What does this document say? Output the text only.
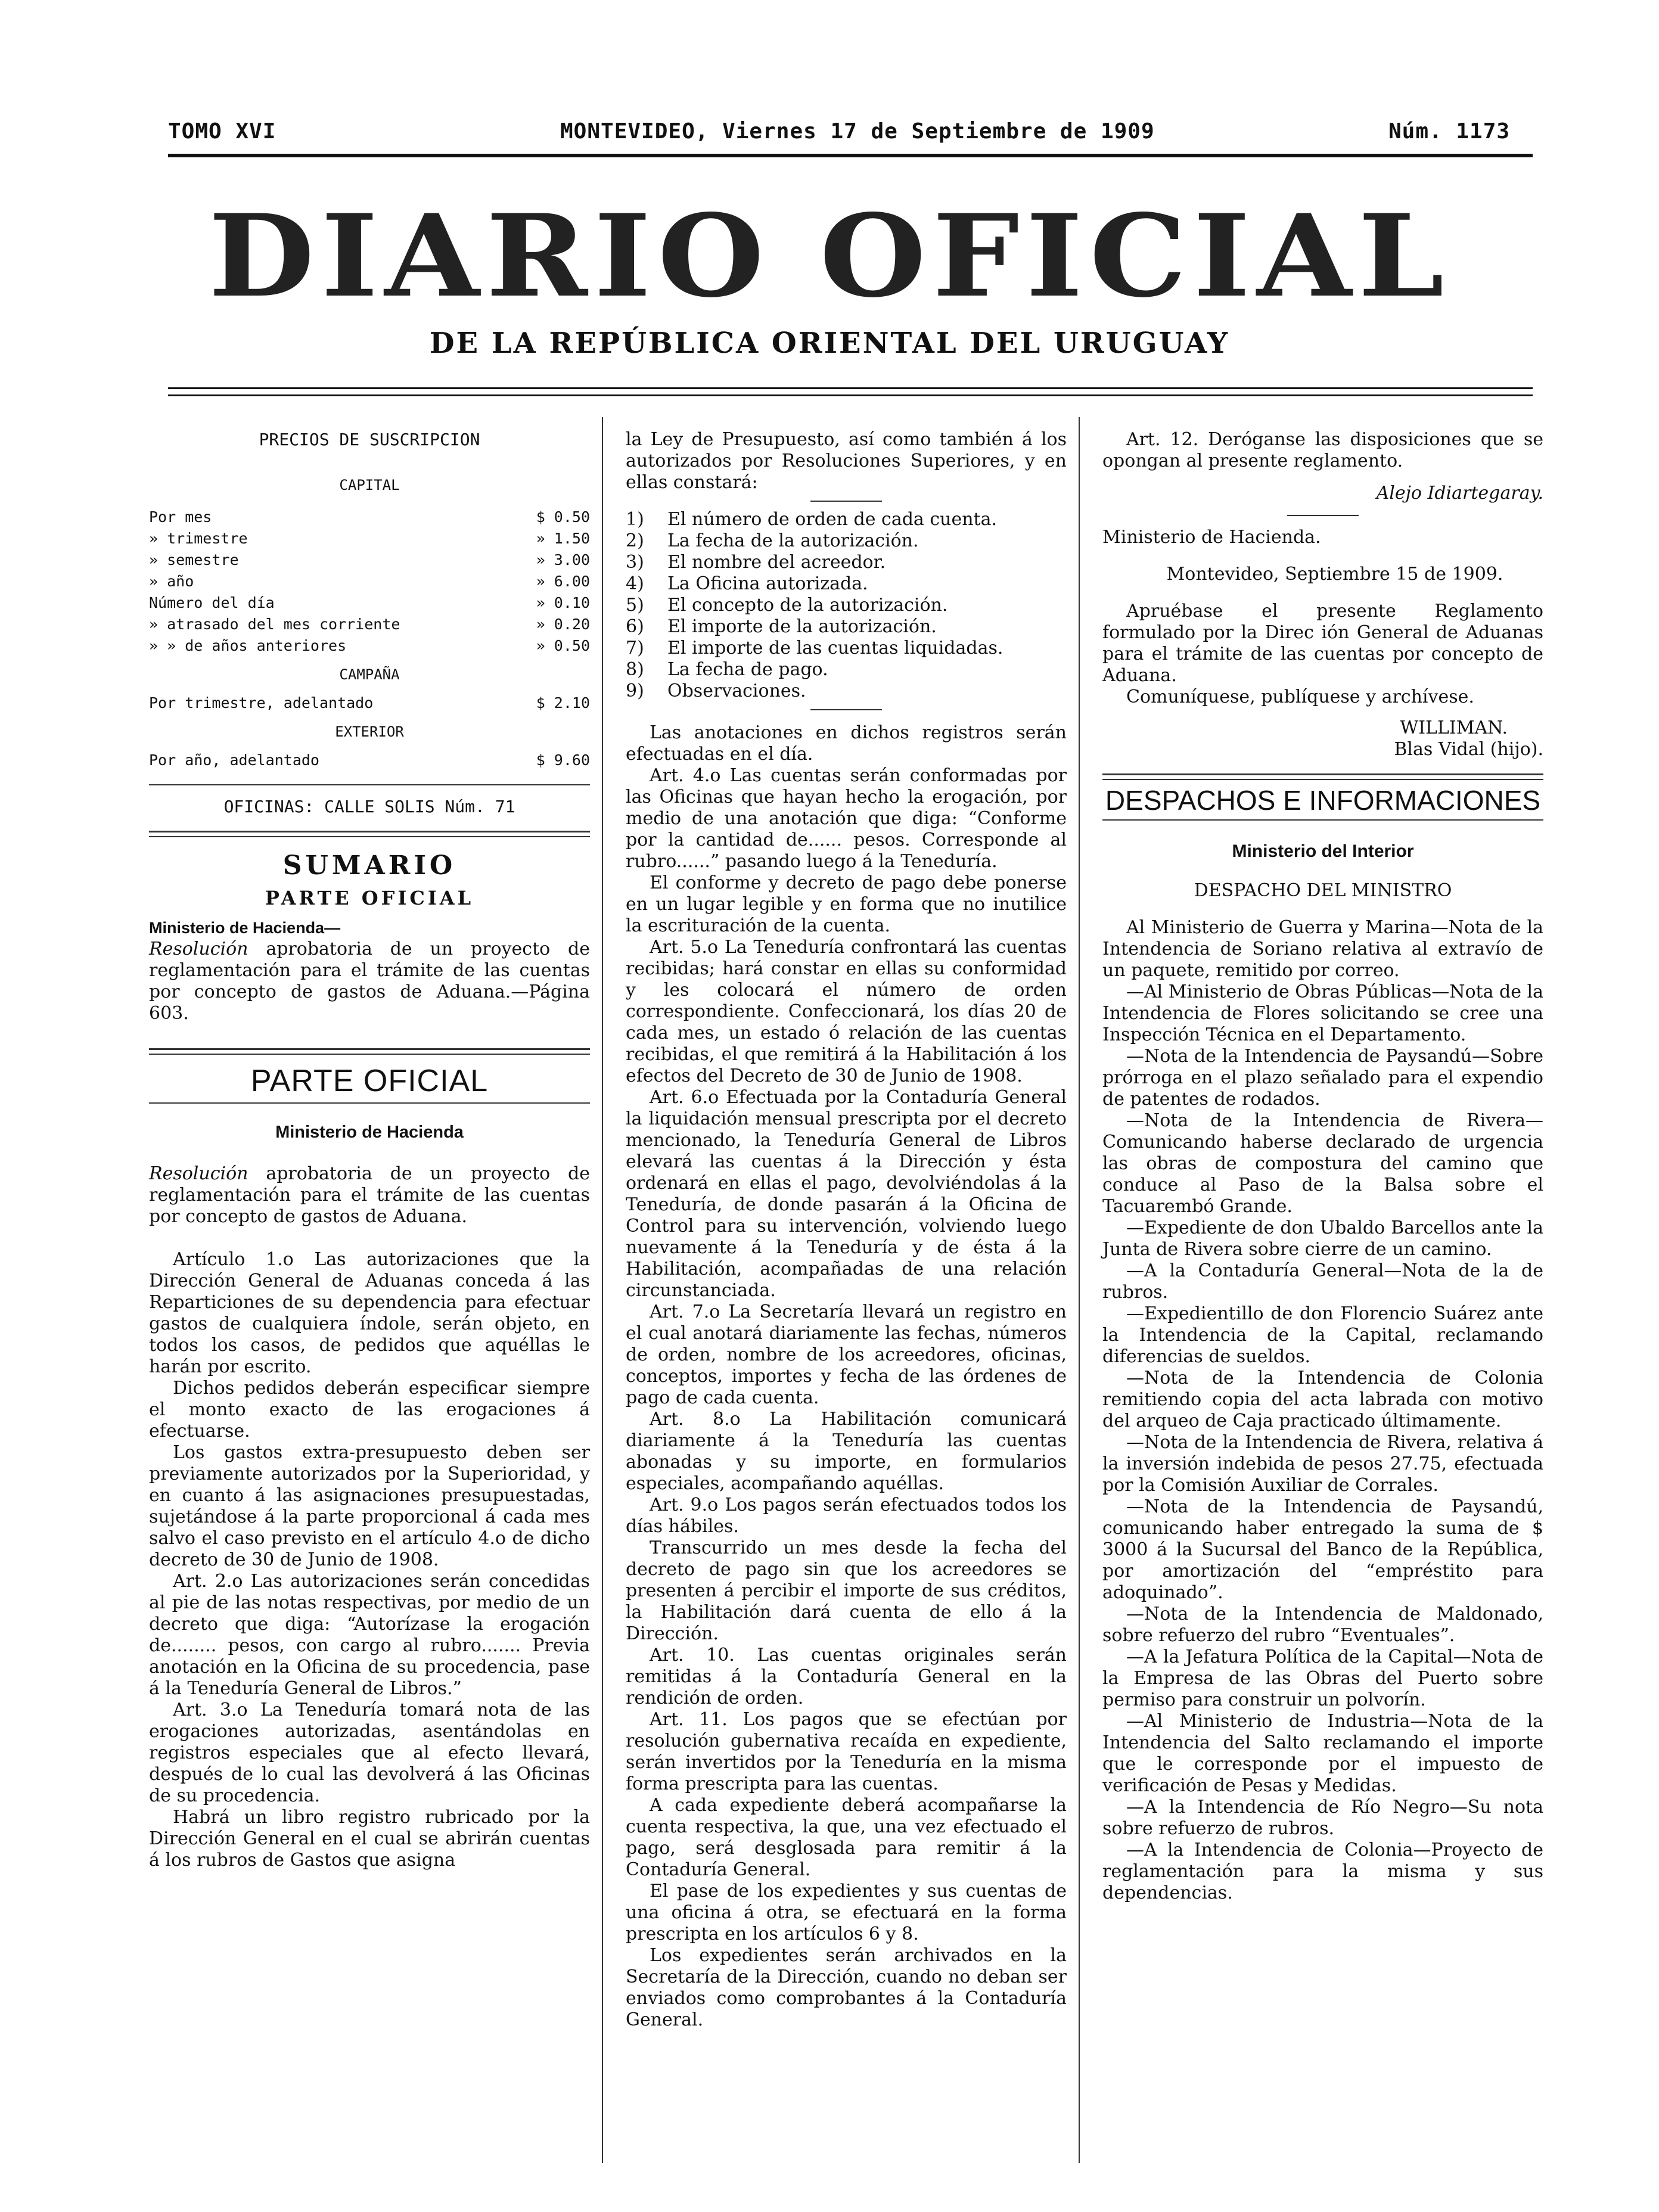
TOMO XVI	MONTEVIDEO, Viernes 17 de Septiembre de 1909	Núm. 1173
DIARIO OFICIAL
DE LA REPÚBLICA ORIENTAL DEL URUGUAY
PRECIOS DE SUSCRIPCION
CAPITAL
Por mes	$ 0.50
» trimestre	» 1.50
» semestre	» 3.00
» año	» 6.00
Número del día	» 0.10
» atrasado del mes corriente	» 0.20
» » de años anteriores	» 0.50
CAMPAÑA
Por trimestre, adelantado	$ 2.10
EXTERIOR
Por año, adelantado	$ 9.60
OFICINAS: CALLE SOLIS Núm. 71
SUMARIO
PARTE OFICIAL
Ministerio de Hacienda—

Resolución aprobatoria de un proyecto de reglamentación para el trámite de las cuentas por concepto de gastos de Aduana.—Página 603.

PARTE OFICIAL
Ministerio de Hacienda

Resolución aprobatoria de un proyecto de reglamentación para el trámite de las cuentas por concepto de gastos de Aduana.

Artículo 1.o Las autorizaciones que la Dirección General de Aduanas conceda á las Reparticiones de su dependencia para efectuar gastos de cualquiera índole, serán objeto, en todos los casos, de pedidos que aquéllas le harán por escrito.

Dichos pedidos deberán especificar siempre el monto exacto de las erogaciones á efectuarse.

Los gastos extra-presupuesto deben ser previamente autorizados por la Superioridad, y en cuanto á las asignaciones presupuestadas, sujetándose á la parte proporcional á cada mes salvo el caso previsto en el artículo 4.o de dicho decreto de 30 de Junio de 1908.

Art. 2.o Las autorizaciones serán concedidas al pie de las notas respectivas, por medio de un decreto que diga: “Autorízase la erogación de........ pesos, con cargo al rubro....... Previa anotación en la Oficina de su procedencia, pase á la Teneduría General de Libros.”

Art. 3.o La Teneduría tomará nota de las erogaciones autorizadas, asentándolas en registros especiales que al efecto llevará, después de lo cual las devolverá á las Oficinas de su procedencia.

Habrá un libro registro rubricado por la Dirección General en el cual se abrirán cuentas á los rubros de Gastos que asigna

la Ley de Presupuesto, así como también á los autorizados por Resoluciones Superiores, y en ellas constará:

1)	El número de orden de cada cuenta.
2)	La fecha de la autorización.
3)	El nombre del acreedor.
4)	La Oficina autorizada.
5)	El concepto de la autorización.
6)	El importe de la autorización.
7)	El importe de las cuentas liquidadas.
8)	La fecha de pago.
9)	Observaciones.

Las anotaciones en dichos registros serán efectuadas en el día.

Art. 4.o Las cuentas serán conformadas por las Oficinas que hayan hecho la erogación, por medio de una anotación que diga: “Conforme por la cantidad de...... pesos. Corresponde al rubro......” pasando luego á la Teneduría.

El conforme y decreto de pago debe ponerse en un lugar legible y en forma que no inutilice la escrituración de la cuenta.

Art. 5.o La Teneduría confrontará las cuentas recibidas; hará constar en ellas su conformidad y les colocará el número de orden correspondiente. Confeccionará, los días 20 de cada mes, un estado ó relación de las cuentas recibidas, el que remitirá á la Habilitación á los efectos del Decreto de 30 de Junio de 1908.

Art. 6.o Efectuada por la Contaduría General la liquidación mensual prescripta por el decreto mencionado, la Teneduría General de Libros elevará las cuentas á la Dirección y ésta ordenará en ellas el pago, devolviéndolas á la Teneduría, de donde pasarán á la Oficina de Control para su intervención, volviendo luego nuevamente á la Teneduría y de ésta á la Habilitación, acompañadas de una relación circunstanciada.

Art. 7.o La Secretaría llevará un registro en el cual anotará diariamente las fechas, números de orden, nombre de los acreedores, oficinas, conceptos, importes y fecha de las órdenes de pago de cada cuenta.

Art. 8.o La Habilitación comunicará diariamente á la Teneduría las cuentas abonadas y su importe, en formularios especiales, acompañando aquéllas.

Art. 9.o Los pagos serán efectuados todos los días hábiles.

Transcurrido un mes desde la fecha del decreto de pago sin que los acreedores se presenten á percibir el importe de sus créditos, la Habilitación dará cuenta de ello á la Dirección.

Art. 10. Las cuentas originales serán remitidas á la Contaduría General en la rendición de orden.

Art. 11. Los pagos que se efectúan por resolución gubernativa recaída en expediente, serán invertidos por la Teneduría en la misma forma prescripta para las cuentas.

A cada expediente deberá acompañarse la cuenta respectiva, la que, una vez efectuado el pago, será desglosada para remitir á la Contaduría General.

El pase de los expedientes y sus cuentas de una oficina á otra, se efectuará en la forma prescripta en los artículos 6 y 8.

Los expedientes serán archivados en la Secretaría de la Dirección, cuando no deban ser enviados como comprobantes á la Contaduría General.

Art. 12. Deróganse las disposiciones que se opongan al presente reglamento.

Alejo Idiartegaray.

Ministerio de Hacienda.

Montevideo, Septiembre 15 de 1909.

Apruébase el presente Reglamento formulado por la Direc ión General de Aduanas para el trámite de las cuentas por concepto de Aduana.

Comuníquese, publíquese y archívese.

WILLIMAN.

Blas Vidal (hijo).

DESPACHOS E INFORMACIONES
Ministerio del Interior
DESPACHO DEL MINISTRO

Al Ministerio de Guerra y Marina—Nota de la Intendencia de Soriano relativa al extravío de un paquete, remitido por correo.

—Al Ministerio de Obras Públicas—Nota de la Intendencia de Flores solicitando se cree una Inspección Técnica en el Departamento.

—Nota de la Intendencia de Paysandú—Sobre prórroga en el plazo señalado para el expendio de patentes de rodados.

—Nota de la Intendencia de Rivera—Comunicando haberse declarado de urgencia las obras de compostura del camino que conduce al Paso de la Balsa sobre el Tacuarembó Grande.

—Expediente de don Ubaldo Barcellos ante la Junta de Rivera sobre cierre de un camino.

—A la Contaduría General—Nota de la de rubros.

—Expedientillo de don Florencio Suárez ante la Intendencia de la Capital, reclamando diferencias de sueldos.

—Nota de la Intendencia de Colonia remitiendo copia del acta labrada con motivo del arqueo de Caja practicado últimamente.

—Nota de la Intendencia de Rivera, relativa á la inversión indebida de pesos 27.75, efectuada por la Comisión Auxiliar de Corrales.

—Nota de la Intendencia de Paysandú, comunicando haber entregado la suma de $ 3000 á la Sucursal del Banco de la República, por amortización del “empréstito para adoquinado”.

—Nota de la Intendencia de Maldonado, sobre refuerzo del rubro “Eventuales”.

—A la Jefatura Política de la Capital—Nota de la Empresa de las Obras del Puerto sobre permiso para construir un polvorín.

—Al Ministerio de Industria—Nota de la Intendencia del Salto reclamando el importe que le corresponde por el impuesto de verificación de Pesas y Medidas.

—A la Intendencia de Río Negro—Su nota sobre refuerzo de rubros.

—A la Intendencia de Colonia—Proyecto de reglamentación para la misma y sus dependencias.
